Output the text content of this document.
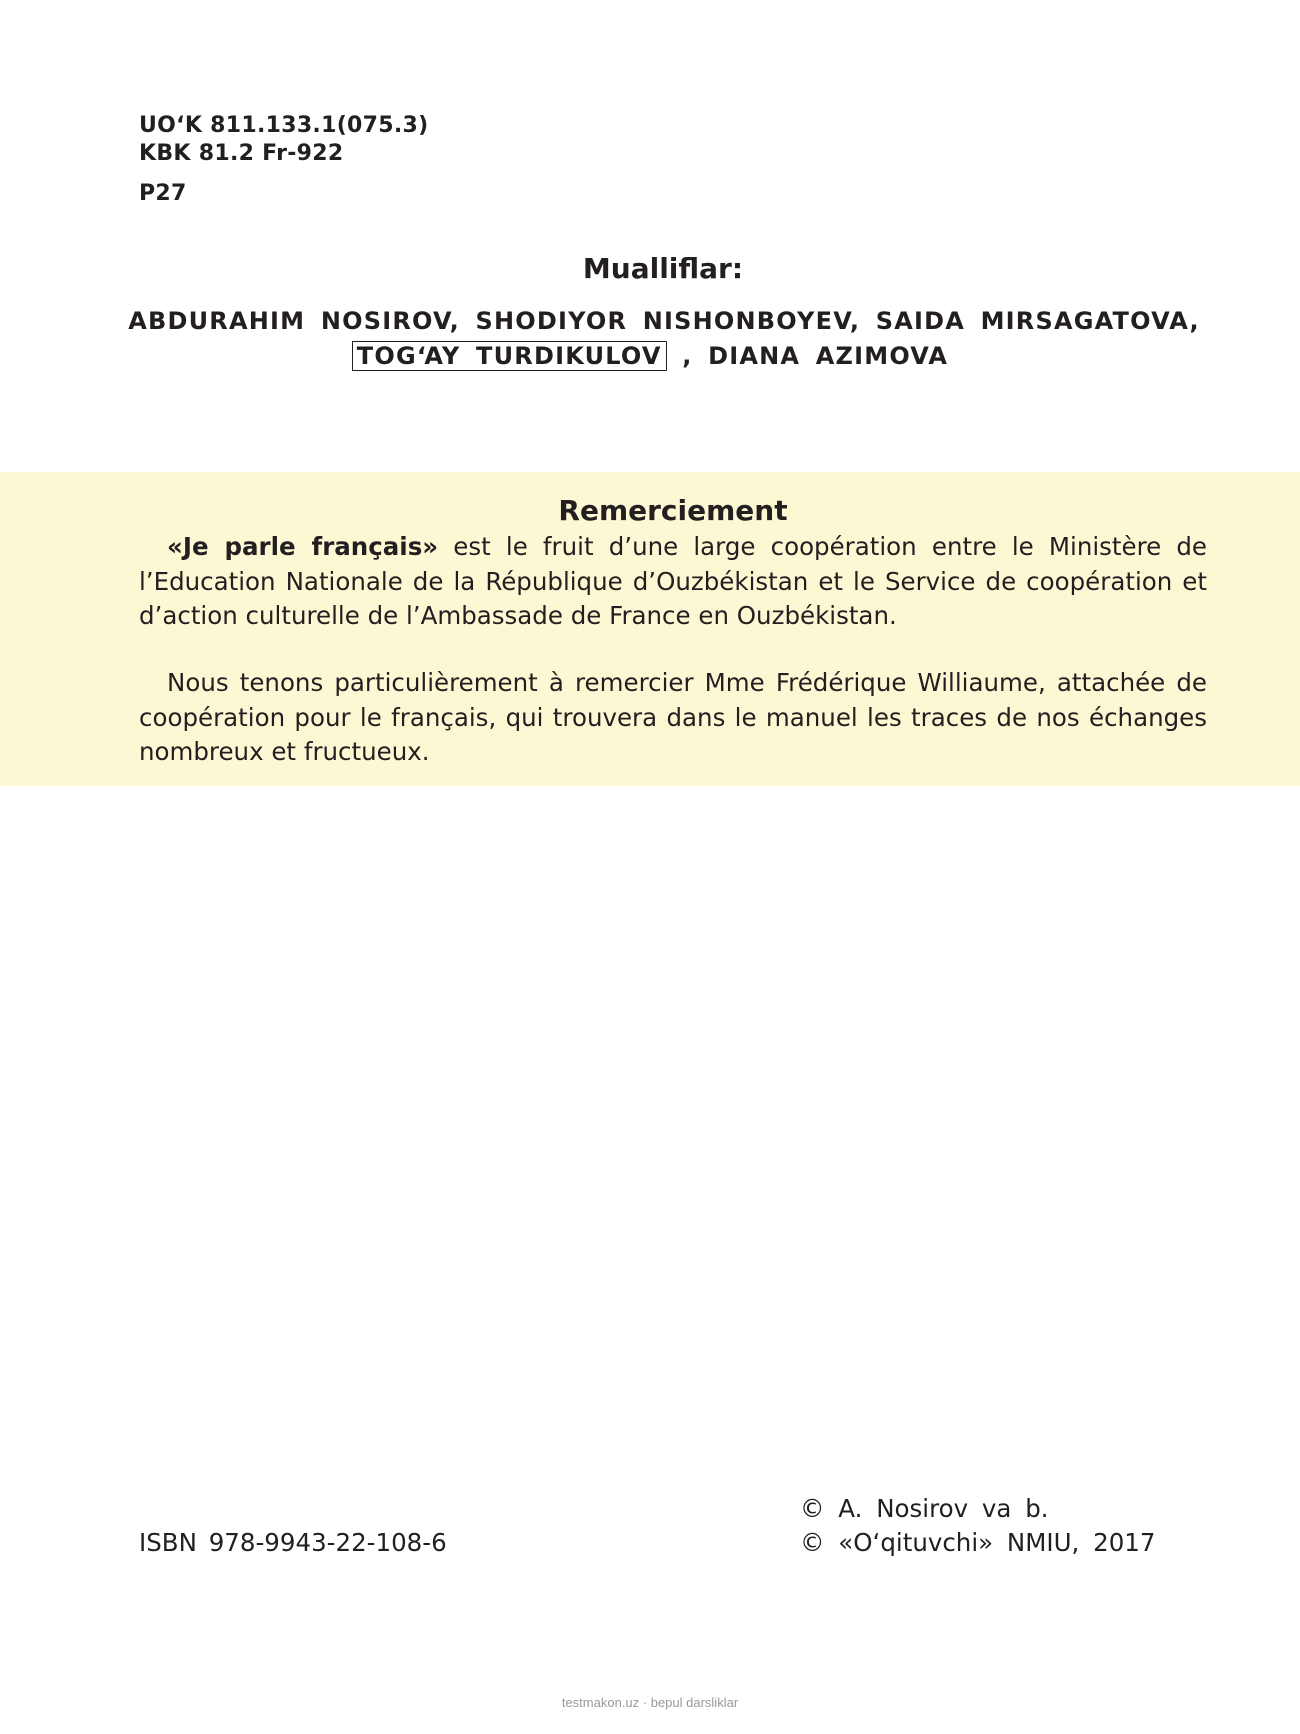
UO‘K 811.133.1(075.3)
KBK 81.2 Fr-922
P27
Mualliflar:
ABDURAHIM NOSIROV, SHODIYOR NISHONBOYEV, SAIDA MIRSAGATOVA,
TOG‘AY TURDIKULOV , DIANA AZIMOVA
Remerciement

«Je parle français» est le fruit d’une large coopération entre le Ministère de l’Education Nationale de la République d’Ouzbékistan et le Service de coopération et d’action culturelle de l’Ambassade de France en Ouzbékistan.

Nous tenons particulièrement à remercier Mme Frédérique Williaume, attachée de coopération pour le français, qui trouvera dans le manuel les traces de nos échanges nombreux et fructueux.

ISBN 978-9943-22-108-6
© A. Nosirov va b.
© «O‘qituvchi» NMIU, 2017
testmakon.uz · bepul darsliklar
